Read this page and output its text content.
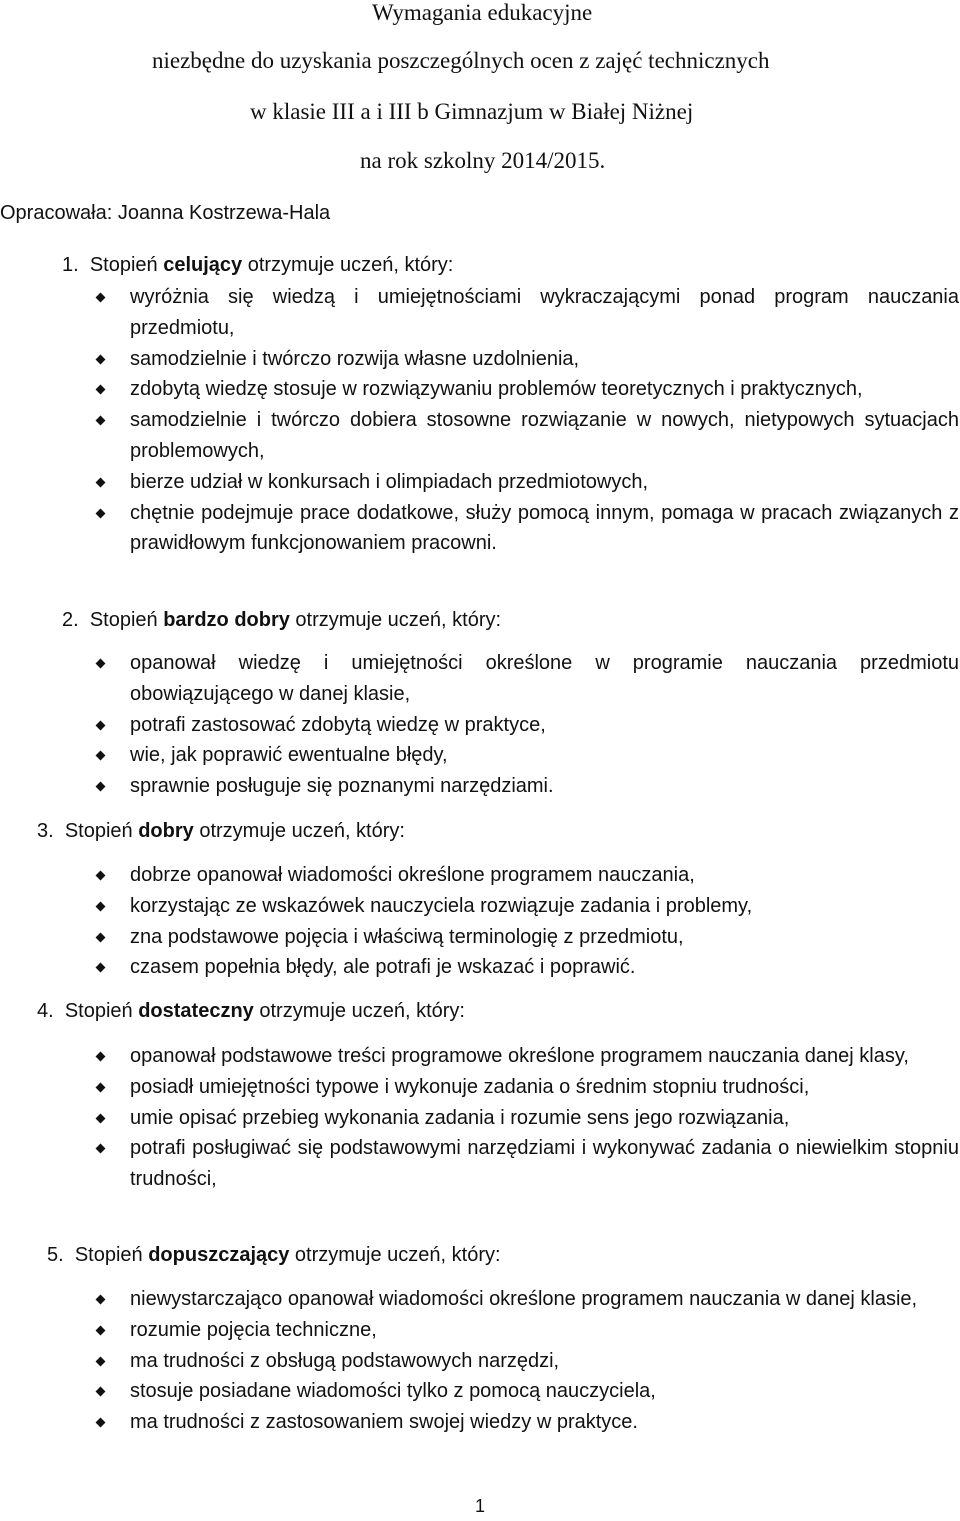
Wymagania edukacyjne
niezbędne do uzyskania poszczególnych ocen z zajęć technicznych
w klasie III a i III b Gimnazjum w Białej Niżnej
na rok szkolny 2014/2015.
Opracowała: Joanna Kostrzewa-Hala
1. Stopień celujący otrzymuje uczeń, który:
wyróżnia się wiedzą i umiejętnościami wykraczającymi ponad program nauczania przedmiotu,
samodzielnie i twórczo rozwija własne uzdolnienia,
zdobytą wiedzę stosuje w rozwiązywaniu problemów teoretycznych i praktycznych,
samodzielnie i twórczo dobiera stosowne rozwiązanie w nowych, nietypowych sytuacjach problemowych,
bierze udział w konkursach i olimpiadach przedmiotowych,
chętnie podejmuje prace dodatkowe, służy pomocą innym, pomaga w pracach związanych z prawidłowym funkcjonowaniem pracowni.
2. Stopień bardzo dobry otrzymuje uczeń, który:
opanował wiedzę i umiejętności określone w programie nauczania przedmiotu obowiązującego w danej klasie,
potrafi zastosować zdobytą wiedzę w praktyce,
wie, jak poprawić ewentualne błędy,
sprawnie posługuje się poznanymi narzędziami.
3. Stopień dobry otrzymuje uczeń, który:
dobrze opanował wiadomości określone programem nauczania,
korzystając ze wskazówek nauczyciela rozwiązuje zadania i problemy,
zna podstawowe pojęcia i właściwą terminologię z przedmiotu,
czasem popełnia błędy, ale potrafi je wskazać i poprawić.
4. Stopień dostateczny otrzymuje uczeń, który:
opanował podstawowe treści programowe określone programem nauczania danej klasy,
posiadł umiejętności typowe i wykonuje zadania o średnim stopniu trudności,
umie opisać przebieg wykonania zadania i rozumie sens jego rozwiązania,
potrafi posługiwać się podstawowymi narzędziami i wykonywać zadania o niewielkim stopniu trudności,
5. Stopień dopuszczający otrzymuje uczeń, który:
niewystarczająco opanował wiadomości określone programem nauczania w danej klasie,
rozumie pojęcia techniczne,
ma trudności z obsługą podstawowych narzędzi,
stosuje posiadane wiadomości tylko z pomocą nauczyciela,
ma trudności z zastosowaniem swojej wiedzy w praktyce.
1
